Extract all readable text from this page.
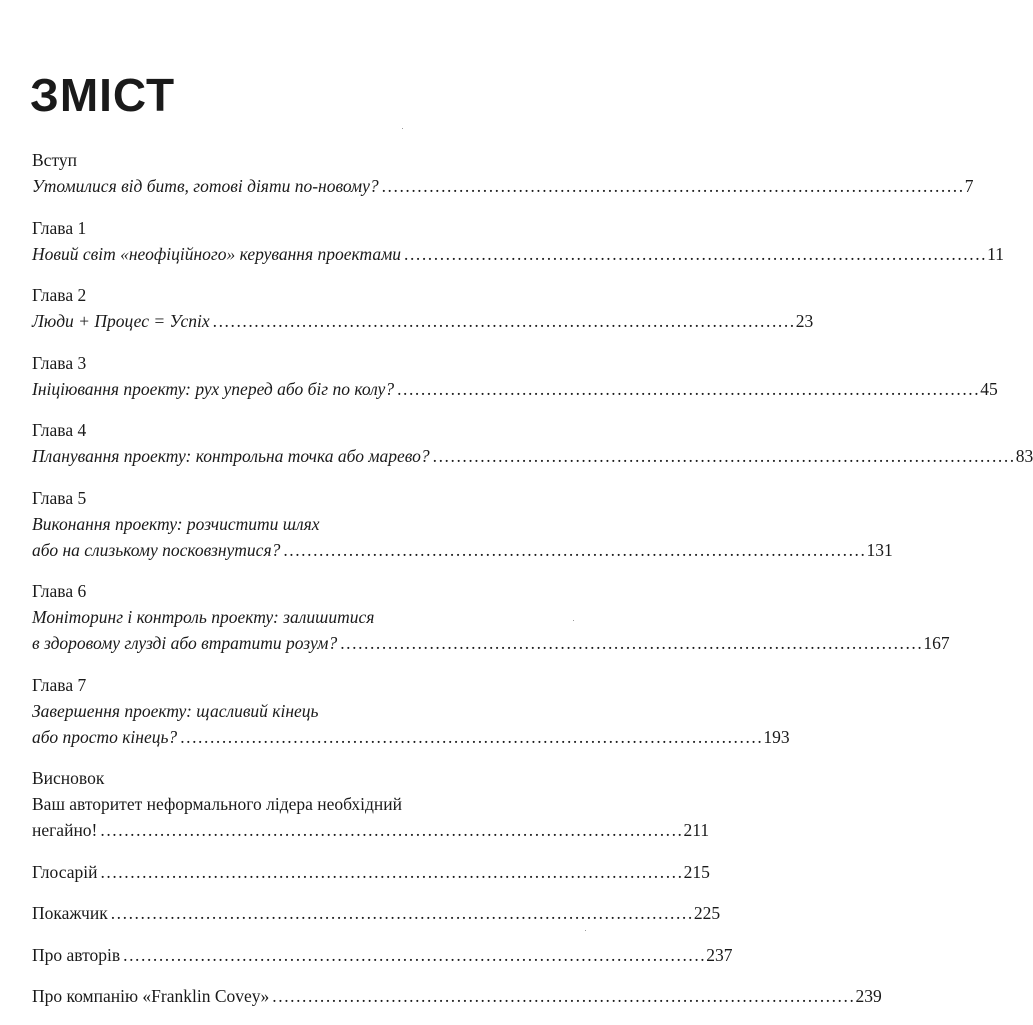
ЗМІСТ
Вступ
Утомилися від битв, готові діяти по-новому? . . .	7
Глава 1
Новий світ «неофіційного» керування проектами . . .	11
Глава 2
Люди + Процес = Успіх . . .	23
Глава 3
Ініціювання проекту: рух уперед або біг по колу? . . .	45
Глава 4
Планування проекту: контрольна точка або марево? . . .	83
Глава 5
Виконання проекту: розчистити шлях
або на слизькому посковзнутися? . . .	131
Глава 6
Моніторинг і контроль проекту: залишитися
в здоровому глузді або втратити розум? . . .	167
Глава 7
Завершення проекту: щасливий кінець
або просто кінець? . . .	193
Висновок
Ваш авторитет неформального лідера необхідний
негайно! . . .	211
Глосарій . . .	215
Покажчик . . .	225
Про авторів . . .	237
Про компанію «Franklin Covey» . . .	239
